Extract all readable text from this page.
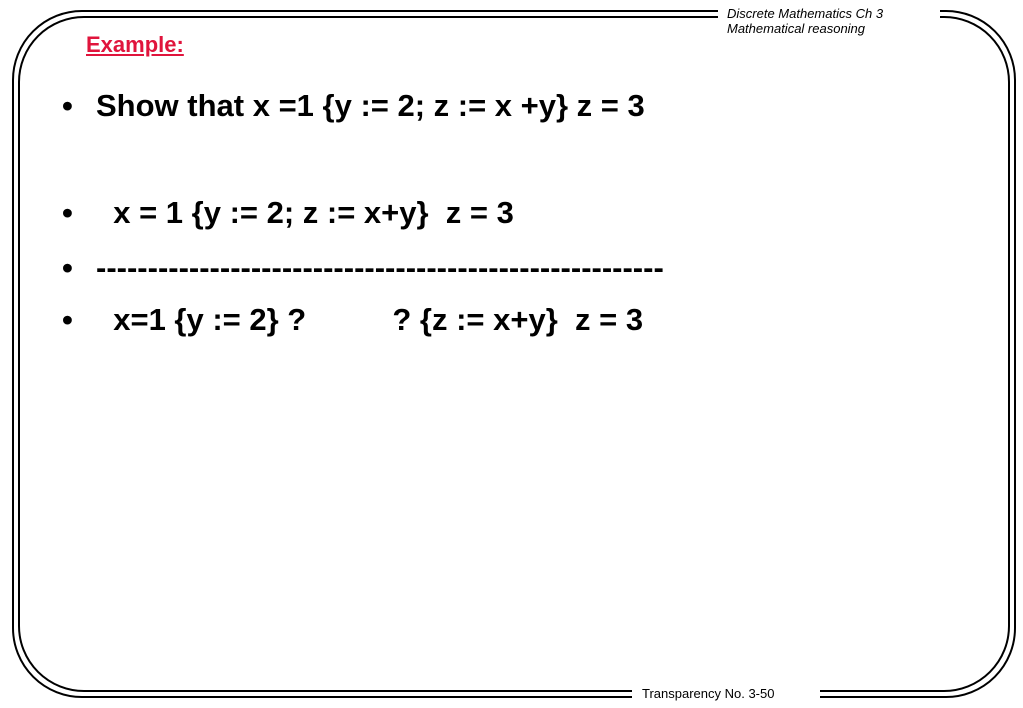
Discrete Mathematics Ch 3
Mathematical reasoning
Example:

•

Show that x =1 {y := 2; z := x +y} z = 3

•

x = 1 {y := 2; z := x+y}  z = 3

•

-------------------------------------------------------

•

x=1 {y := 2} ?          ? {z := x+y}  z = 3

Transparency No. 3-50
